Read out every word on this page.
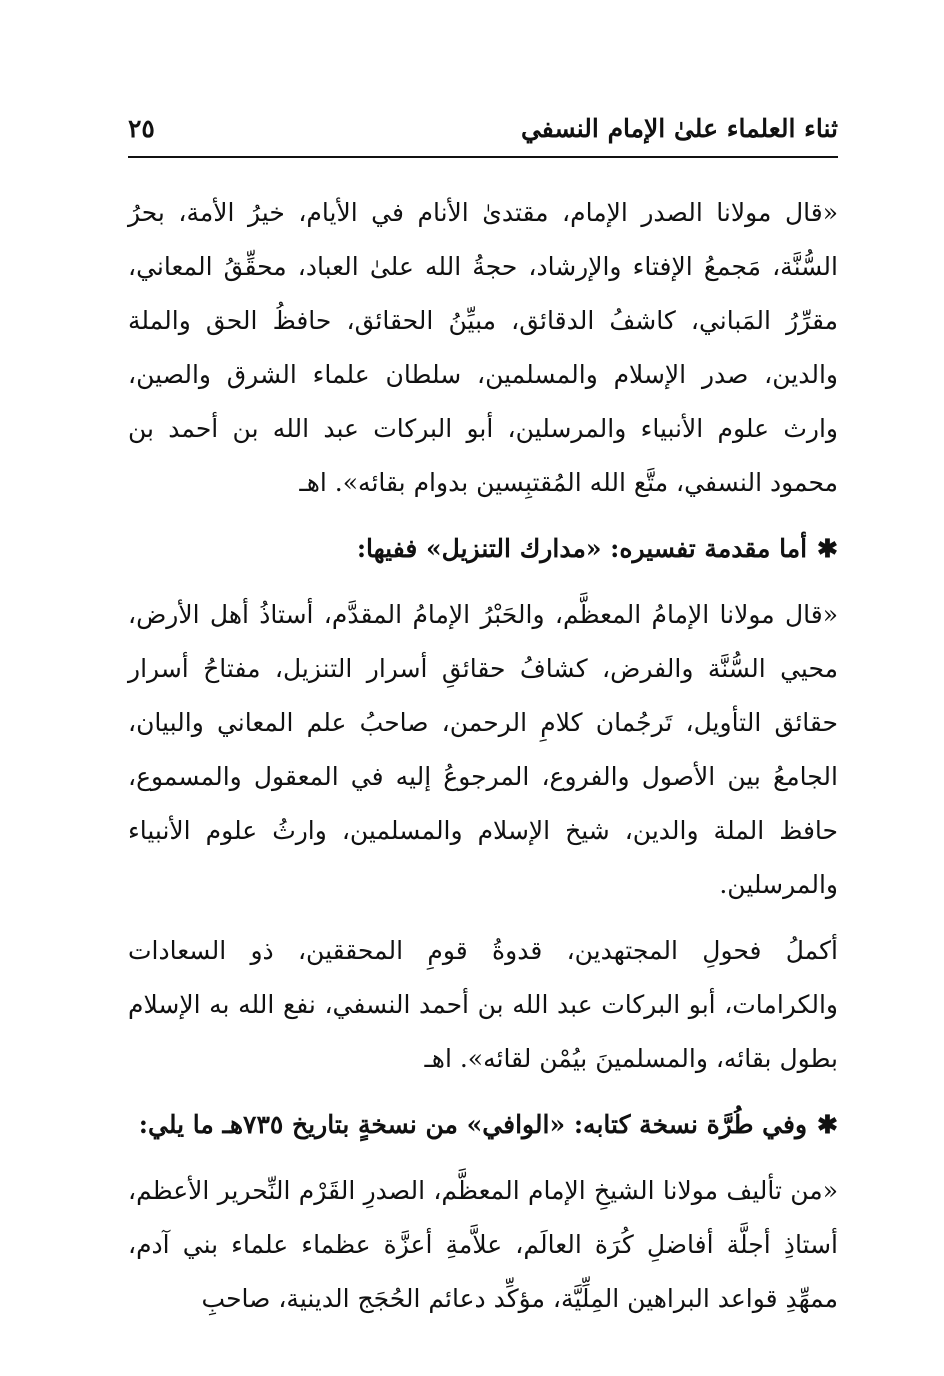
ثناء العلماء علىٰ الإمام النسفي
٢٥

«قال مولانا الصدر الإمام، مقتدىٰ الأنام في الأيام، خيرُ الأمة، بحرُ السُّنَّة، مَجمعُ الإفتاء والإرشاد، حجةُ الله علىٰ العباد، محقِّقُ المعاني، مقرِّرُ المَباني، كاشفُ الدقائق، مبيِّنُ الحقائق، حافظُ الحق والملة والدين، صدر الإسلام والمسلمين، سلطان علماء الشرق والصين، وارث علوم الأنبياء والمرسلين، أبو البركات عبد الله بن أحمد بن محمود النسفي، متَّع الله المُقتبِسين بدوام بقائه». اهـ

✱أما مقدمة تفسيره: «مدارك التنزيل» ففيها:

«قال مولانا الإمامُ المعظَّم، والحَبْرُ الإمامُ المقدَّم، أستاذُ أهل الأرض، محيي السُّنَّة والفرض، كشافُ حقائقِ أسرار التنزيل، مفتاحُ أسرار حقائق التأويل، تَرجُمان كلامِ الرحمن، صاحبُ علم المعاني والبيان، الجامعُ بين الأصول والفروع، المرجوعُ إليه في المعقول والمسموع، حافظ الملة والدين، شيخ الإسلام والمسلمين، وارثُ علوم الأنبياء والمرسلين.

أكملُ فحولِ المجتهدين، قدوةُ قومِ المحققين، ذو السعادات والكرامات، أبو البركات عبد الله بن أحمد النسفي، نفع الله به الإسلام بطول بقائه، والمسلمينَ بيُمْن لقائه». اهـ

✱وفي طُرَّة نسخة كتابه: «الوافي» من نسخةٍ بتاريخ ٧٣٥هـ ما يلي:

«من تأليف مولانا الشيخِ الإمام المعظَّم، الصدرِ القَرْم النِّحرير الأعظم، أستاذِ أجلَّة أفاضلِ كُرَة العالَم، علاَّمةِ أعزَّة عظماء علماء بني آدم، ممهِّدِ قواعد البراهين المِلِّيَّة، مؤكِّد دعائم الحُجَج الدينية، صاحبِ
